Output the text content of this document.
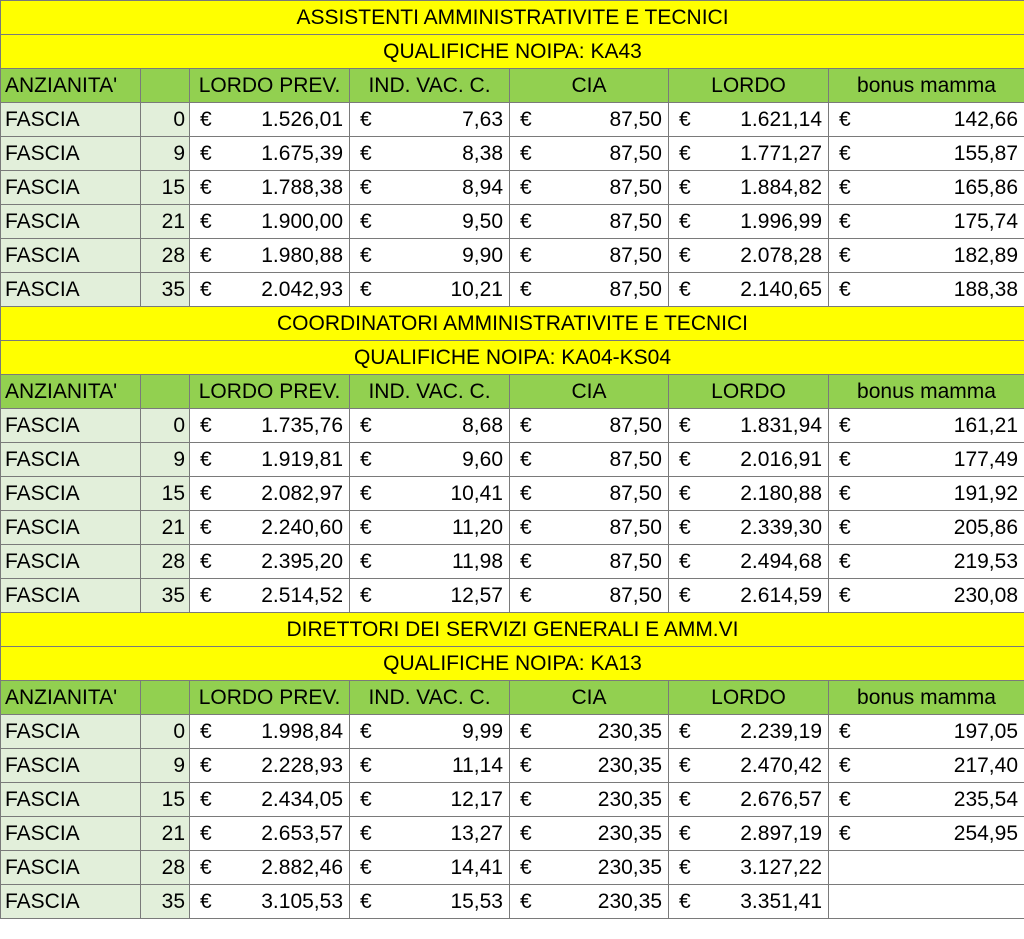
ASSISTENTI AMMINISTRATIVITE E TECNICI						
QUALIFICHE NOIPA: KA43						
ANZIANITA'		LORDO PREV.	IND. VAC. C.	CIA	LORDO	bonus mamma
FASCIA	0	€ 1.526,01	€ 7,63	€ 87,50	€ 1.621,14	€ 142,66

FASCIA	9	€ 1.675,39	€ 8,38	€ 87,50	€ 1.771,27	€ 155,87

FASCIA	15	€ 1.788,38	€ 8,94	€ 87,50	€ 1.884,82	€ 165,86

FASCIA	21	€ 1.900,00	€ 9,50	€ 87,50	€ 1.996,99	€ 175,74

FASCIA	28	€ 1.980,88	€ 9,90	€ 87,50	€ 2.078,28	€ 182,89

FASCIA	35	€ 2.042,93	€ 10,21	€ 87,50	€ 2.140,65	€ 188,38

COORDINATORI AMMINISTRATIVITE E TECNICI						
QUALIFICHE NOIPA: KA04-KS04						
ANZIANITA'		LORDO PREV.	IND. VAC. C.	CIA	LORDO	bonus mamma
FASCIA	0	€ 1.735,76	€ 8,68	€ 87,50	€ 1.831,94	€ 161,21

FASCIA	9	€ 1.919,81	€ 9,60	€ 87,50	€ 2.016,91	€ 177,49

FASCIA	15	€ 2.082,97	€ 10,41	€ 87,50	€ 2.180,88	€ 191,92

FASCIA	21	€ 2.240,60	€ 11,20	€ 87,50	€ 2.339,30	€ 205,86

FASCIA	28	€ 2.395,20	€ 11,98	€ 87,50	€ 2.494,68	€ 219,53

FASCIA	35	€ 2.514,52	€ 12,57	€ 87,50	€ 2.614,59	€ 230,08

DIRETTORI DEI SERVIZI GENERALI E AMM.VI						
QUALIFICHE NOIPA: KA13						
ANZIANITA'		LORDO PREV.	IND. VAC. C.	CIA	LORDO	bonus mamma
FASCIA	0	€ 1.998,84	€ 9,99	€ 230,35	€ 2.239,19	€ 197,05

FASCIA	9	€ 2.228,93	€ 11,14	€ 230,35	€ 2.470,42	€ 217,40

FASCIA	15	€ 2.434,05	€ 12,17	€ 230,35	€ 2.676,57	€ 235,54

FASCIA	21	€ 2.653,57	€ 13,27	€ 230,35	€ 2.897,19	€ 254,95

FASCIA	28	€ 2.882,46	€ 14,41	€ 230,35	€ 3.127,22	

FASCIA	35	€ 3.105,53	€ 15,53	€ 230,35	€ 3.351,41	
